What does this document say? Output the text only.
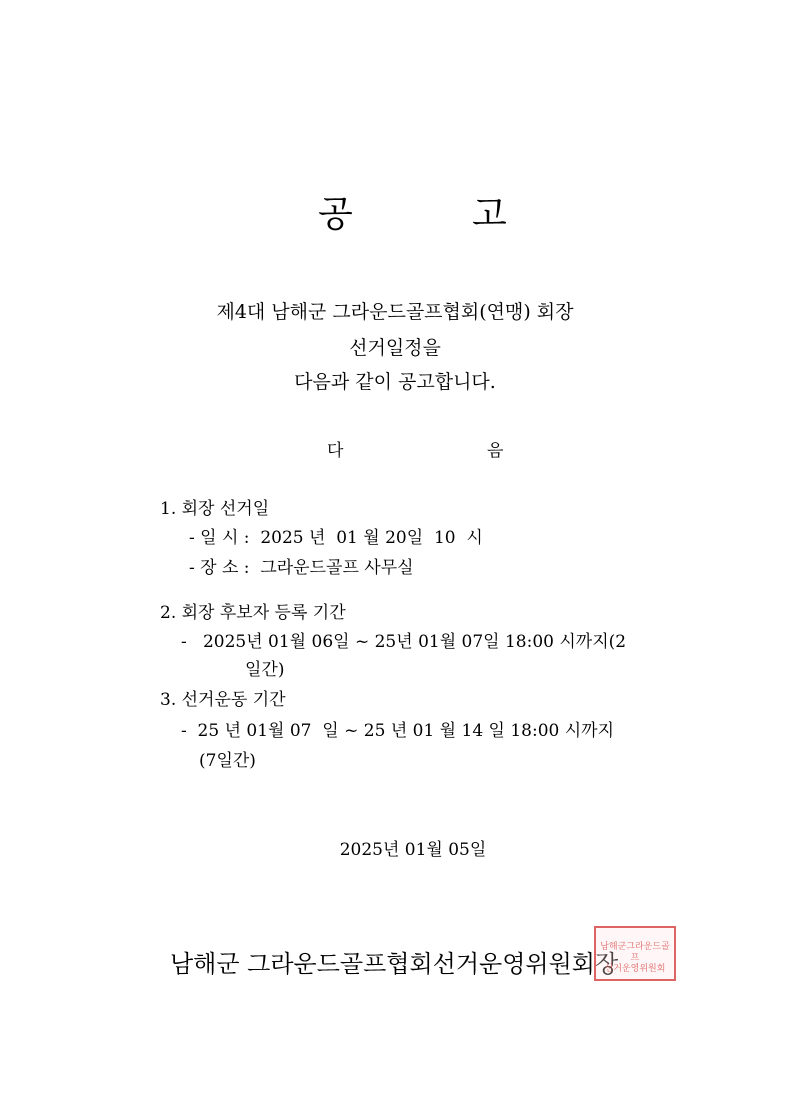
공	고
제4대 남해군 그라운드골프협회(연맹) 회장
선거일정을
다음과 같이 공고합니다.
다	음
1. 회장 선거일
- 일 시 :  2025 년  01 월 20일  10  시
- 장 소 :  그라운드골프 사무실
2. 회장 후보자 등록 기간
-   2025년 01월 06일 ~ 25년 01월 07일 18:00 시까지(2
일간)
3. 선거운동 기간
-  25 년 01월 07  일 ~ 25 년 01 월 14 일 18:00 시까지
(7일간)
2025년 01월 05일
남해군 그라운드골프협회선거운영위원회장
남해군그라운드골프
선거운영위원회
